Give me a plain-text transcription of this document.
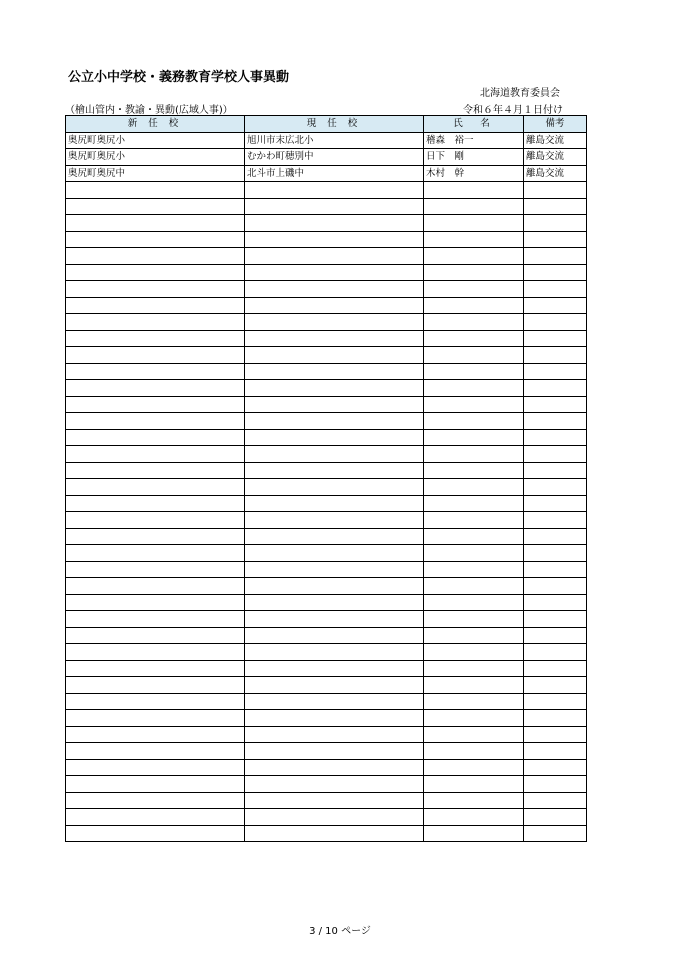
公立小中学校・義務教育学校人事異動
北海道教育委員会
（檜山管内・教諭・異動(広域人事)）	令和６年４月１日付け
新 任 校	現 任 校	氏　名	備考
奥尻町奥尻小	旭川市末広北小	稽森　裕一	離島交流
奥尻町奥尻小	むかわ町穂別中	日下　剛	離島交流
奥尻町奥尻中	北斗市上磯中	木村　幹	離島交流

3 / 10 ページ
